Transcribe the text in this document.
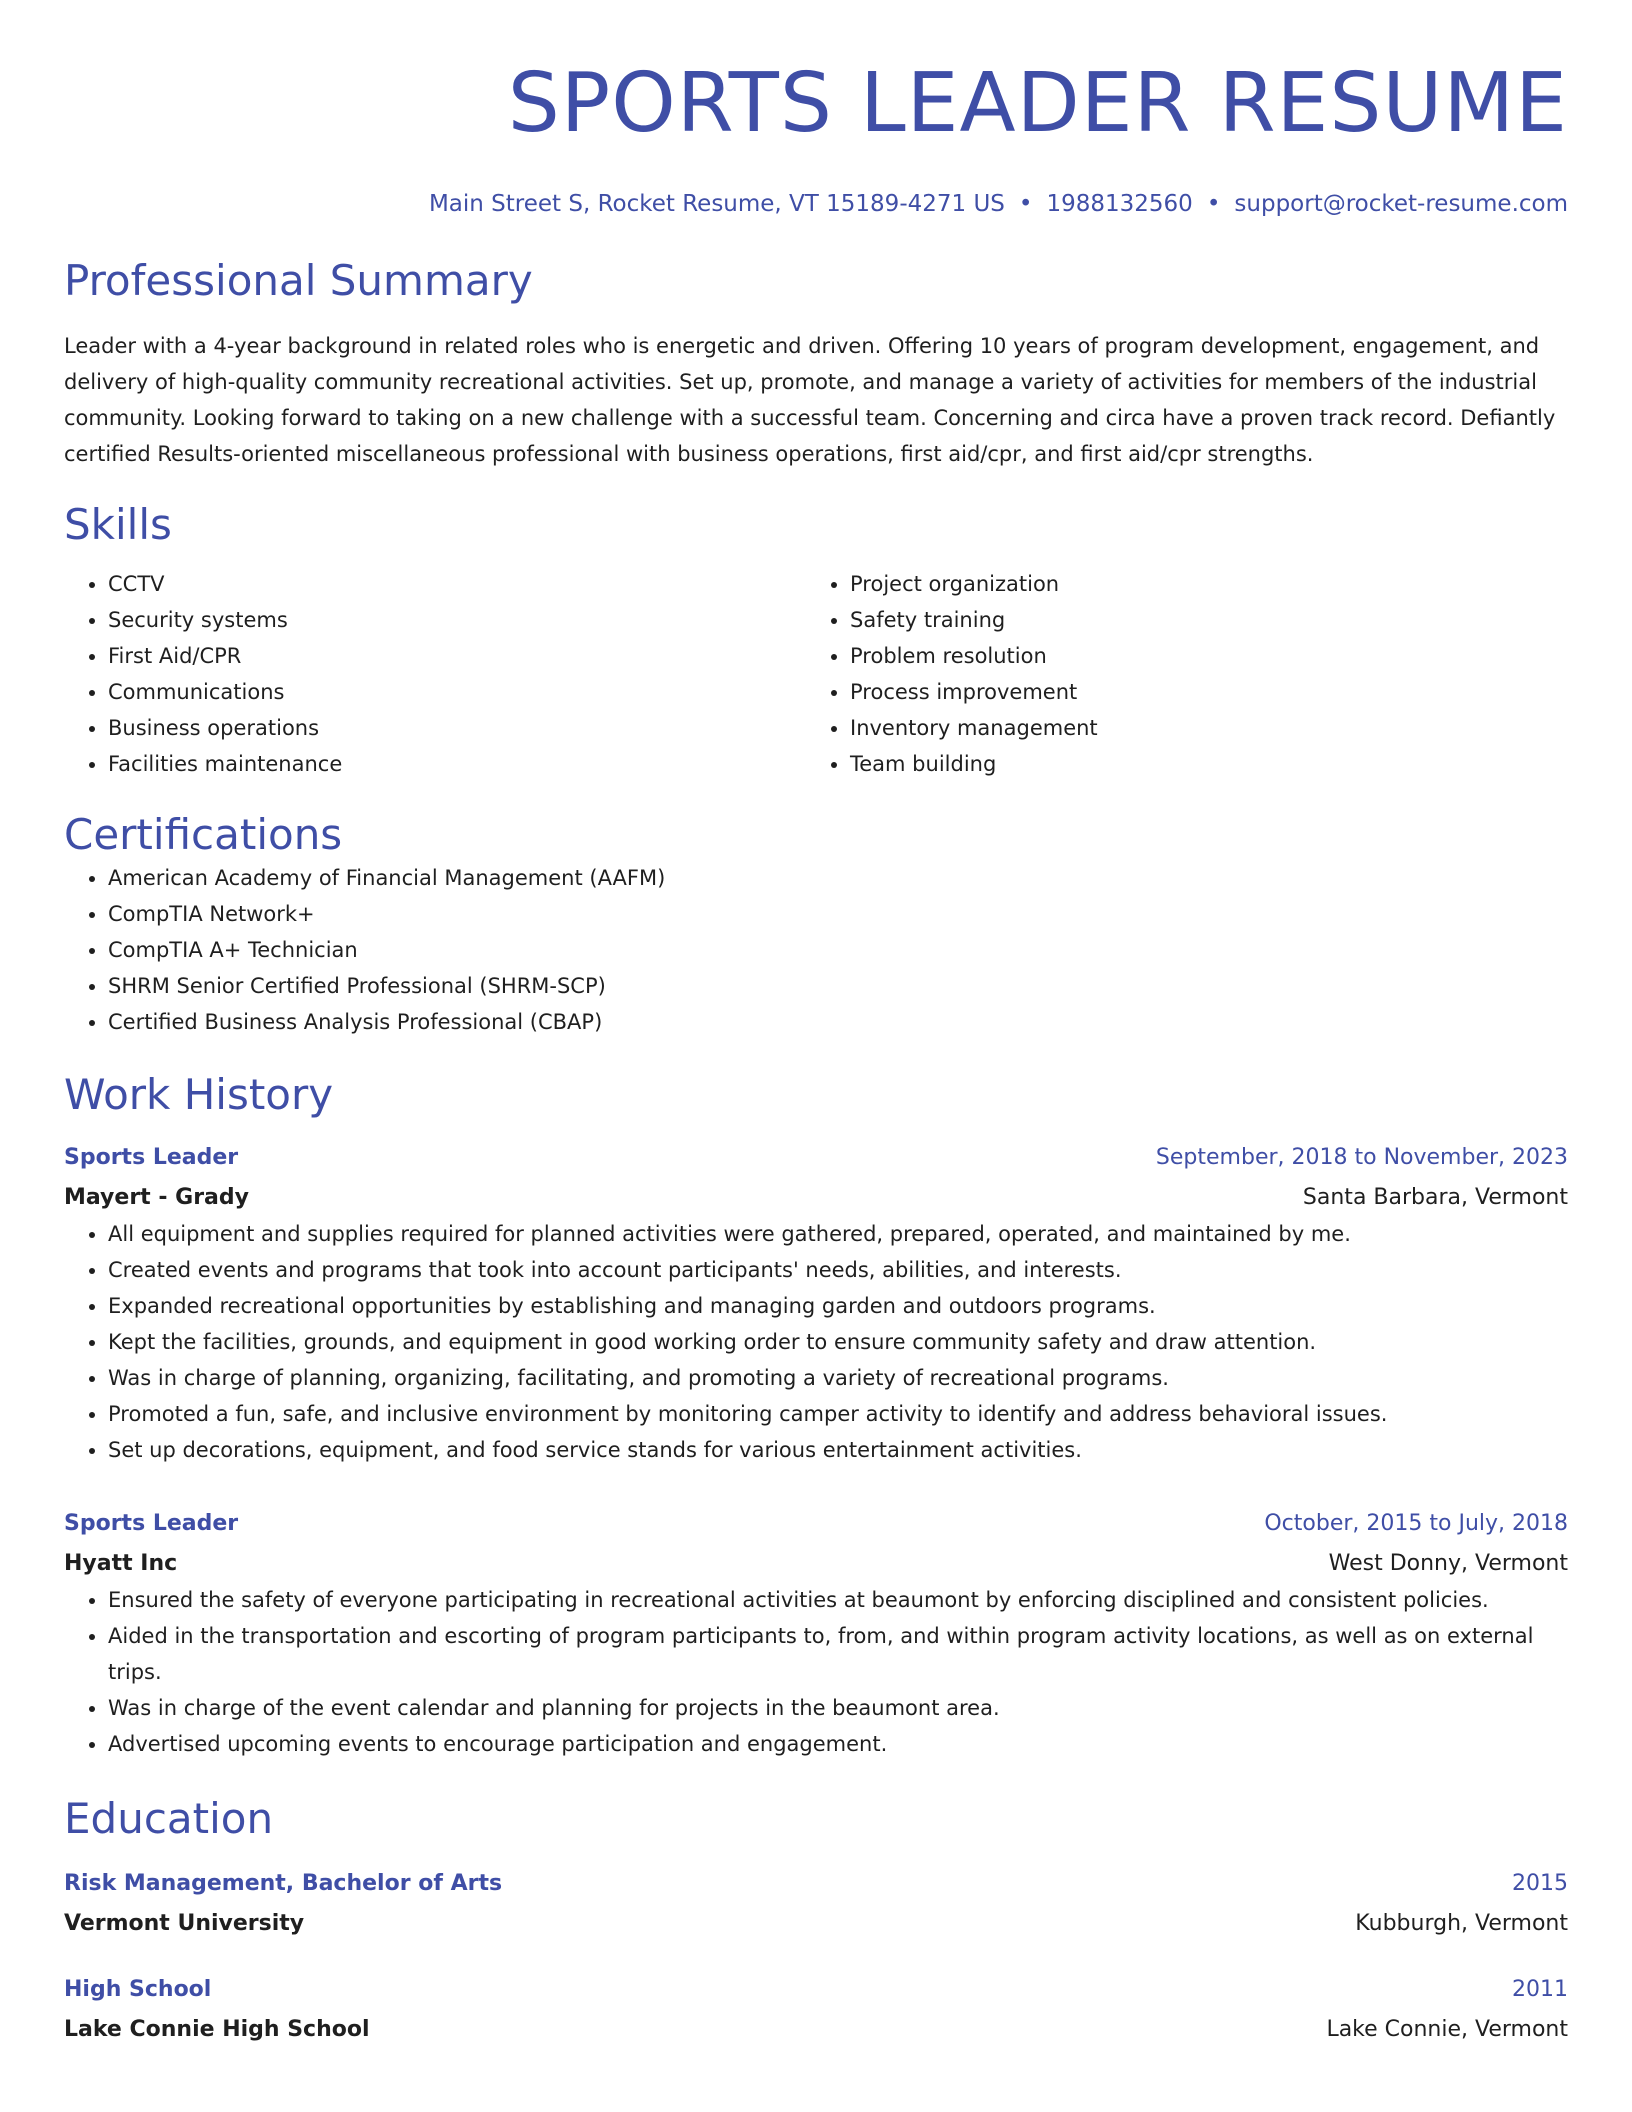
SPORTS LEADER RESUME
Main Street S, Rocket Resume, VT 15189-4271 US • 1988132560 • support@rocket-resume.com
Professional Summary
Leader with a 4-year background in related roles who is energetic and driven. Offering 10 years of program development, engagement, and delivery of high-quality community recreational activities. Set up, promote, and manage a variety of activities for members of the industrial community. Looking forward to taking on a new challenge with a successful team. Concerning and circa have a proven track record. Defiantly certified Results-oriented miscellaneous professional with business operations, first aid/cpr, and first aid/cpr strengths.
Skills
• CCTV
• Security systems
• First Aid/CPR
• Communications
• Business operations
• Facilities maintenance
• Project organization
• Safety training
• Problem resolution
• Process improvement
• Inventory management
• Team building
Certifications
• American Academy of Financial Management (AAFM)
• CompTIA Network+
• CompTIA A+ Technician
• SHRM Senior Certified Professional (SHRM-SCP)
• Certified Business Analysis Professional (CBAP)
Work History
Sports Leader	September, 2018 to November, 2023
Mayert - Grady	Santa Barbara, Vermont
• All equipment and supplies required for planned activities were gathered, prepared, operated, and maintained by me.
• Created events and programs that took into account participants' needs, abilities, and interests.
• Expanded recreational opportunities by establishing and managing garden and outdoors programs.
• Kept the facilities, grounds, and equipment in good working order to ensure community safety and draw attention.
• Was in charge of planning, organizing, facilitating, and promoting a variety of recreational programs.
• Promoted a fun, safe, and inclusive environment by monitoring camper activity to identify and address behavioral issues.
• Set up decorations, equipment, and food service stands for various entertainment activities.
Sports Leader	October, 2015 to July, 2018
Hyatt Inc	West Donny, Vermont
• Ensured the safety of everyone participating in recreational activities at beaumont by enforcing disciplined and consistent policies.
• Aided in the transportation and escorting of program participants to, from, and within program activity locations, as well as on external trips.
• Was in charge of the event calendar and planning for projects in the beaumont area.
• Advertised upcoming events to encourage participation and engagement.
Education
Risk Management, Bachelor of Arts	2015
Vermont University	Kubburgh, Vermont
High School	2011
Lake Connie High School	Lake Connie, Vermont
